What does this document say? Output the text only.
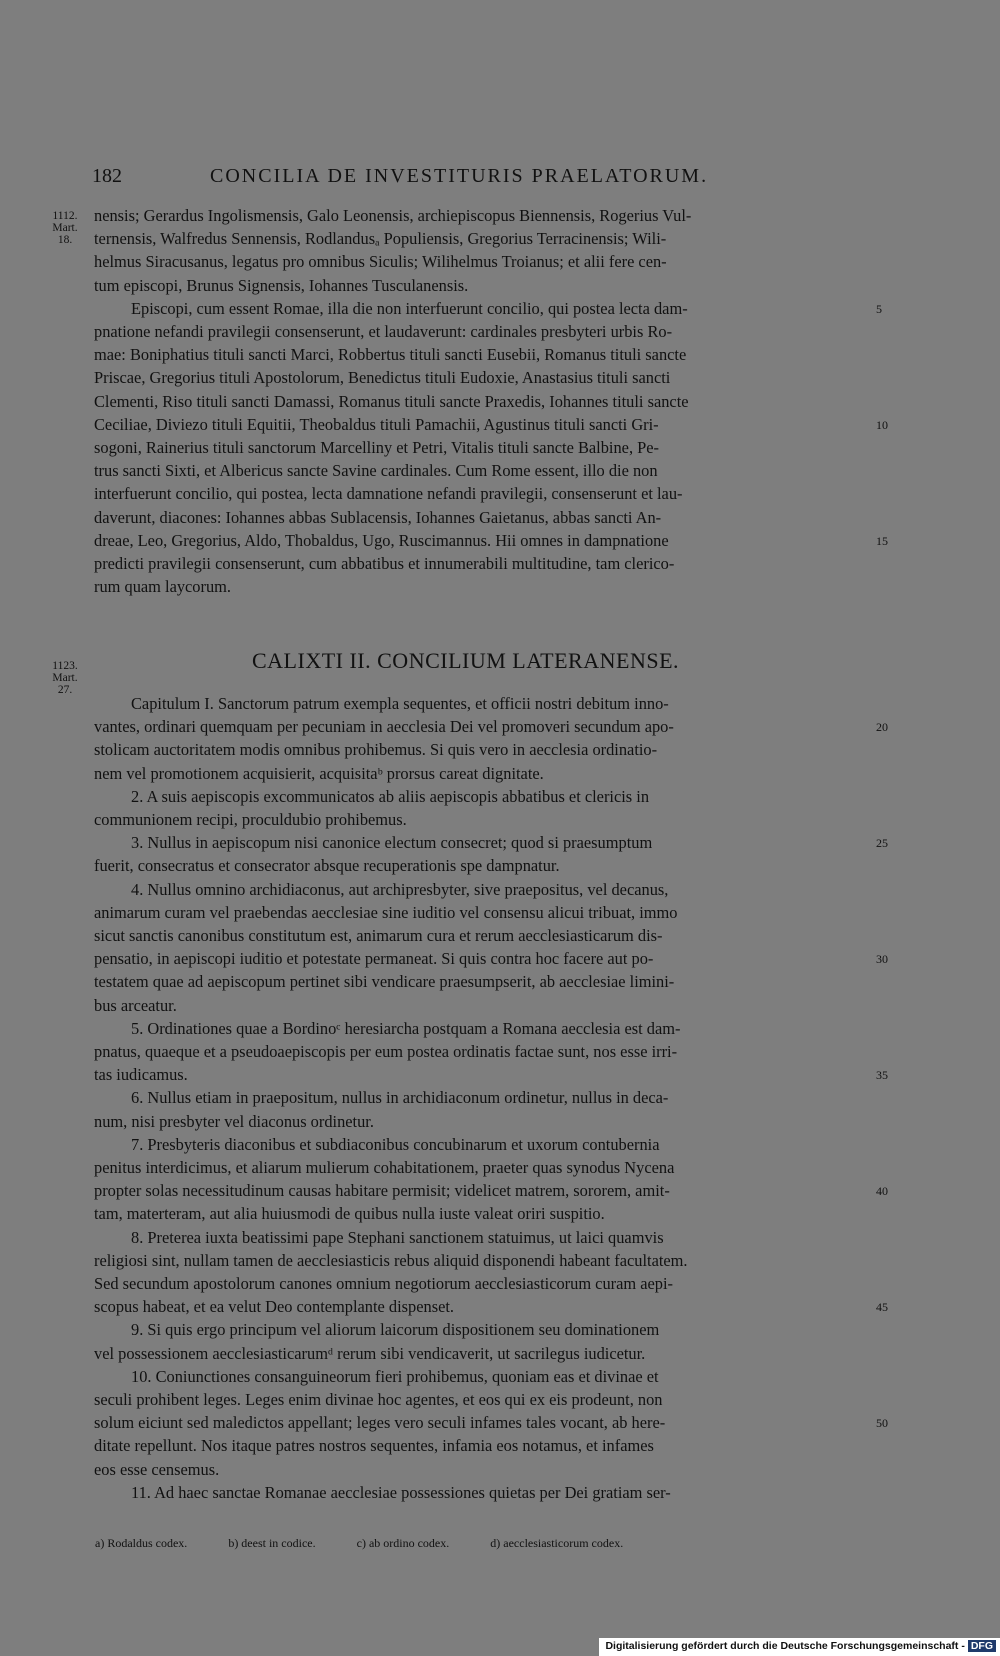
182	CONCILIA DE INVESTITURIS PRAELATORUM.
1112.
Mart.
18.
nensis; Gerardus Ingolismensis, Galo Leonensis, archiepiscopus Biennensis, Rogerius Vul-
ternensis, Walfredus Sennensis, Rodlandusₐ Populiensis, Gregorius Terracinensis; Wili-
helmus Siracusanus, legatus pro omnibus Siculis; Wilihelmus Troianus; et alii fere cen-
tum episcopi, Brunus Signensis, Iohannes Tusculanensis.
Episcopi, cum essent Romae, illa die non interfuerunt concilio, qui postea lecta dam-
pnatione nefandi pravilegii consenserunt, et laudaverunt: cardinales presbyteri urbis Ro-
mae: Boniphatius tituli sancti Marci, Robbertus tituli sancti Eusebii, Romanus tituli sancte
Priscae, Gregorius tituli Apostolorum, Benedictus tituli Eudoxie, Anastasius tituli sancti
Clementi, Riso tituli sancti Damassi, Romanus tituli sancte Praxedis, Iohannes tituli sancte
Ceciliae, Diviezo tituli Equitii, Theobaldus tituli Pamachii, Agustinus tituli sancti Gri-
sogoni, Rainerius tituli sanctorum Marcelliny et Petri, Vitalis tituli sancte Balbine, Pe-
trus sancti Sixti, et Albericus sancte Savine cardinales. Cum Rome essent, illo die non
interfuerunt concilio, qui postea, lecta damnatione nefandi pravilegii, consenserunt et lau-
daverunt, diacones: Iohannes abbas Sublacensis, Iohannes Gaietanus, abbas sancti An-
dreae, Leo, Gregorius, Aldo, Thobaldus, Ugo, Ruscimannus. Hii omnes in dampnatione
predicti pravilegii consenserunt, cum abbatibus et innumerabili multitudine, tam clerico-
rum quam laycorum.
5
10
15
1123.
Mart.
27.
CALIXTI II. CONCILIUM LATERANENSE.
Capitulum I. Sanctorum patrum exempla sequentes, et officii nostri debitum inno-
vantes, ordinari quemquam per pecuniam in aecclesia Dei vel promoveri secundum apo-
stolicam auctoritatem modis omnibus prohibemus. Si quis vero in aecclesia ordinatio-
nem vel promotionem acquisierit, acquisitaᵇ prorsus careat dignitate.
2. A suis aepiscopis excommunicatos ab aliis aepiscopis abbatibus et clericis in
communionem recipi, proculdubio prohibemus.
3. Nullus in aepiscopum nisi canonice electum consecret; quod si praesumptum
fuerit, consecratus et consecrator absque recuperationis spe dampnatur.
4. Nullus omnino archidiaconus, aut archipresbyter, sive praepositus, vel decanus,
animarum curam vel praebendas aecclesiae sine iuditio vel consensu alicui tribuat, immo
sicut sanctis canonibus constitutum est, animarum cura et rerum aecclesiasticarum dis-
pensatio, in aepiscopi iuditio et potestate permaneat. Si quis contra hoc facere aut po-
testatem quae ad aepiscopum pertinet sibi vendicare praesumpserit, ab aecclesiae limini-
bus arceatur.
5. Ordinationes quae a Bordinoᶜ heresiarcha postquam a Romana aecclesia est dam-
pnatus, quaeque et a pseudoaepiscopis per eum postea ordinatis factae sunt, nos esse irri-
tas iudicamus.
6. Nullus etiam in praepositum, nullus in archidiaconum ordinetur, nullus in deca-
num, nisi presbyter vel diaconus ordinetur.
7. Presbyteris diaconibus et subdiaconibus concubinarum et uxorum contubernia
penitus interdicimus, et aliarum mulierum cohabitationem, praeter quas synodus Nycena
propter solas necessitudinum causas habitare permisit; videlicet matrem, sororem, amit-
tam, materteram, aut alia huiusmodi de quibus nulla iuste valeat oriri suspitio.
8. Preterea iuxta beatissimi pape Stephani sanctionem statuimus, ut laici quamvis
religiosi sint, nullam tamen de aecclesiasticis rebus aliquid disponendi habeant facultatem.
Sed secundum apostolorum canones omnium negotiorum aecclesiasticorum curam aepi-
scopus habeat, et ea velut Deo contemplante dispenset.
9. Si quis ergo principum vel aliorum laicorum dispositionem seu dominationem
vel possessionem aecclesiasticarumᵈ rerum sibi vendicaverit, ut sacrilegus iudicetur.
10. Coniunctiones consanguineorum fieri prohibemus, quoniam eas et divinae et
seculi prohibent leges. Leges enim divinae hoc agentes, et eos qui ex eis prodeunt, non
solum eiciunt sed maledictos appellant; leges vero seculi infames tales vocant, ab here-
ditate repellunt. Nos itaque patres nostros sequentes, infamia eos notamus, et infames
eos esse censemus.
11. Ad haec sanctae Romanae aecclesiae possessiones quietas per Dei gratiam ser-
20
25
30
35
40
45
50
a) Rodaldus codex.	b) deest in codice.	c) ab ordino codex.	d) aecclesiasticorum codex.
Digitalisierung gefördert durch die Deutsche Forschungsgemeinschaft - DFG
